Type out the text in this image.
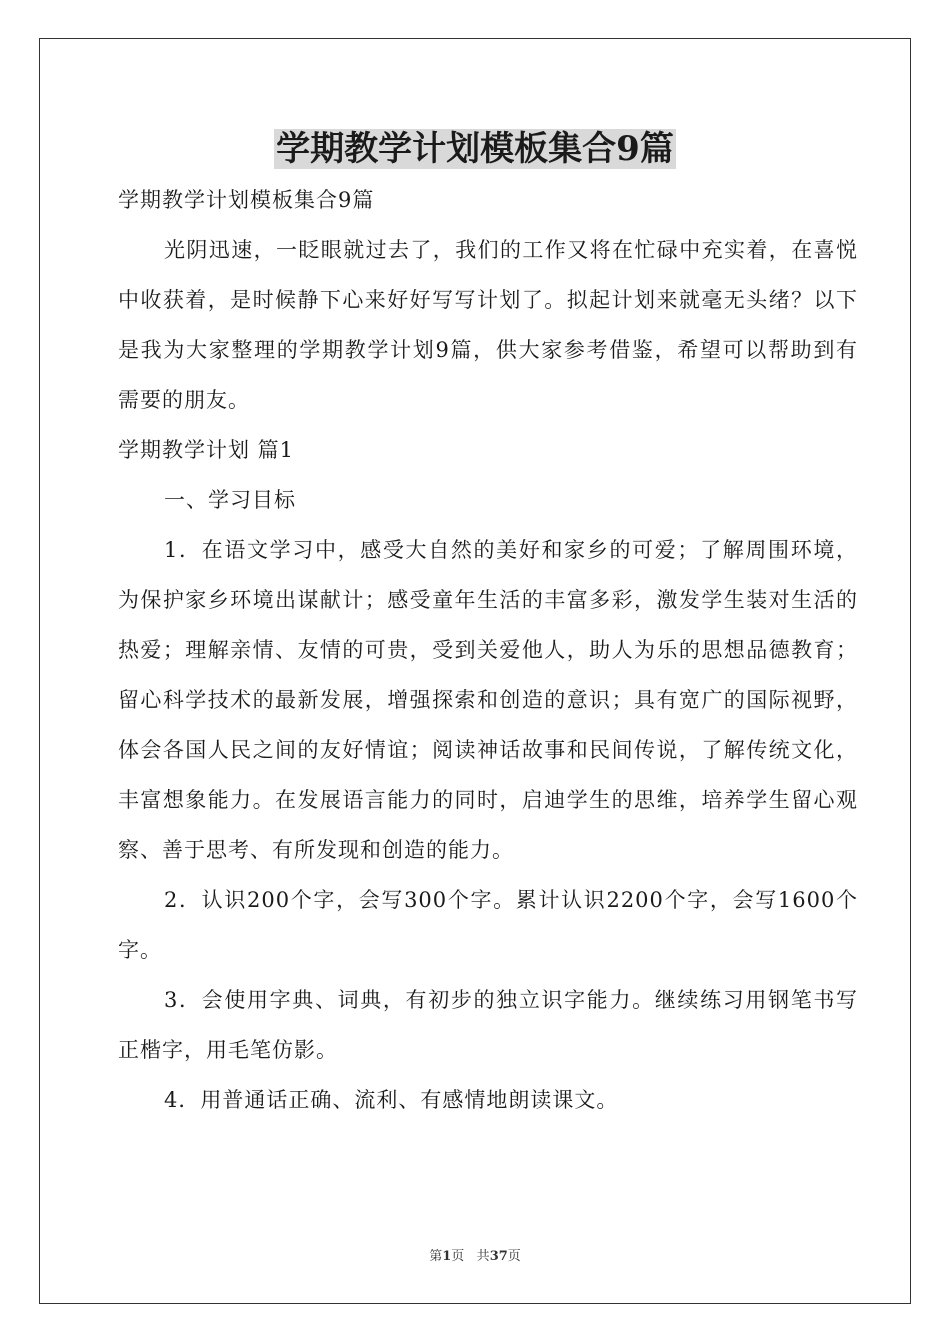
学期教学计划模板集合9篇

学期教学计划模板集合9篇

光阴迅速，一眨眼就过去了，我们的工作又将在忙碌中充实着，在喜悦中收获着，是时候静下心来好好写写计划了。拟起计划来就毫无头绪？以下是我为大家整理的学期教学计划9篇，供大家参考借鉴，希望可以帮助到有需要的朋友。

学期教学计划 篇1

一、学习目标

1．在语文学习中，感受大自然的美好和家乡的可爱；了解周围环境，为保护家乡环境出谋献计；感受童年生活的丰富多彩，激发学生装对生活的热爱；理解亲情、友情的可贵，受到关爱他人，助人为乐的思想品德教育；留心科学技术的最新发展，增强探索和创造的意识；具有宽广的国际视野，体会各国人民之间的友好情谊；阅读神话故事和民间传说，了解传统文化，丰富想象能力。在发展语言能力的同时，启迪学生的思维，培养学生留心观察、善于思考、有所发现和创造的能力。

2．认识200个字，会写300个字。累计认识2200个字，会写1600个字。

3．会使用字典、词典，有初步的独立识字能力。继续练习用钢笔书写正楷字，用毛笔仿影。

4．用普通话正确、流利、有感情地朗读课文。

第1页 共37页
